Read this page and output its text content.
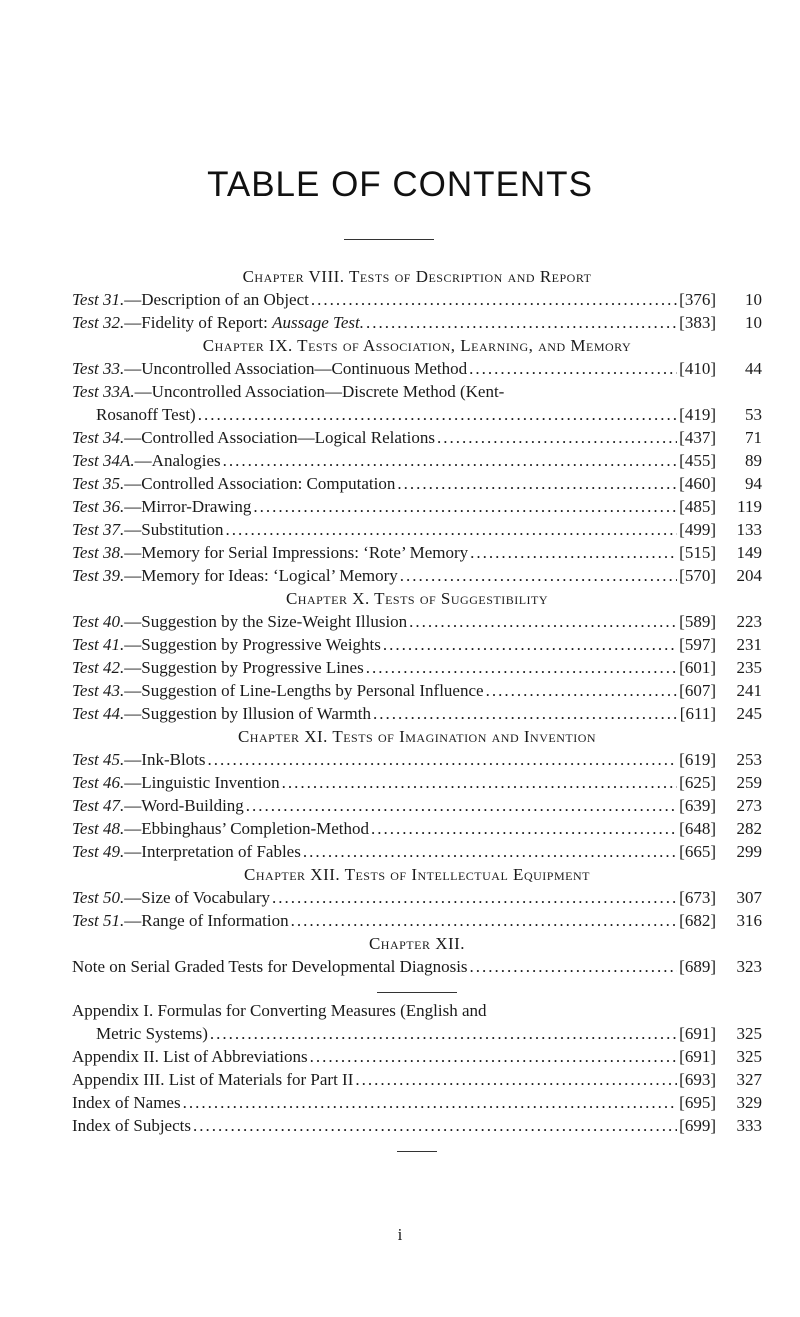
TABLE OF CONTENTS
Chapter VIII. Tests of Description and Report
Test 31.—Description of an Object .....	[376]	10
Test 32.—Fidelity of Report: Aussage Test. .....	[383]	10
Chapter IX. Tests of Association, Learning, and Memory
Test 33.—Uncontrolled Association—Continuous Method .....	[410]	44
Test 33A.—Uncontrolled Association—Discrete Method (Kent-
Rosanoff Test) .....	[419]	53
Test 34.—Controlled Association—Logical Relations .....	[437]	71
Test 34A.—Analogies .....	[455]	89
Test 35.—Controlled Association: Computation .....	[460]	94
Test 36.—Mirror-Drawing .....	[485]	119
Test 37.—Substitution .....	[499]	133
Test 38.—Memory for Serial Impressions: ‘Rote’ Memory .....	[515]	149
Test 39.—Memory for Ideas: ‘Logical’ Memory .....	[570]	204
Chapter X. Tests of Suggestibility
Test 40.—Suggestion by the Size-Weight Illusion .....	[589]	223
Test 41.—Suggestion by Progressive Weights .....	[597]	231
Test 42.—Suggestion by Progressive Lines .....	[601]	235
Test 43.—Suggestion of Line-Lengths by Personal Influence .....	[607]	241
Test 44.—Suggestion by Illusion of Warmth .....	[611]	245
Chapter XI. Tests of Imagination and Invention
Test 45.—Ink-Blots .....	[619]	253
Test 46.—Linguistic Invention .....	[625]	259
Test 47.—Word-Building .....	[639]	273
Test 48.—Ebbinghaus’ Completion-Method .....	[648]	282
Test 49.—Interpretation of Fables .....	[665]	299
Chapter XII. Tests of Intellectual Equipment
Test 50.—Size of Vocabulary .....	[673]	307
Test 51.—Range of Information .....	[682]	316
Chapter XII.
Note on Serial Graded Tests for Developmental Diagnosis .....	[689]	323
Appendix I. Formulas for Converting Measures (English and
Metric Systems) .....	[691]	325
Appendix II. List of Abbreviations .....	[691]	325
Appendix III. List of Materials for Part II .....	[693]	327
Index of Names .....	[695]	329
Index of Subjects .....	[699]	333
i
